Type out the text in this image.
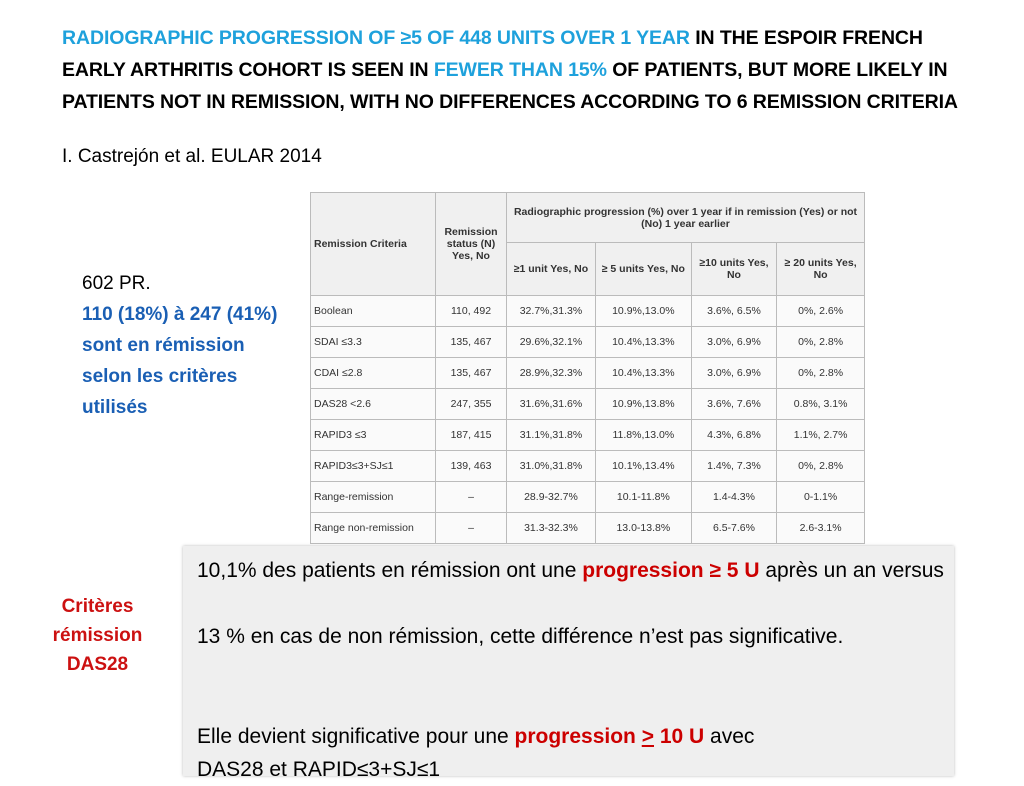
RADIOGRAPHIC PROGRESSION OF ≥5 OF 448 UNITS OVER 1 YEAR IN THE ESPOIR FRENCH EARLY ARTHRITIS COHORT IS SEEN IN FEWER THAN 15% OF PATIENTS, BUT MORE LIKELY IN PATIENTS NOT IN REMISSION, WITH NO DIFFERENCES ACCORDING TO 6 REMISSION CRITERIA
I. Castrejón et al. EULAR 2014
602 PR.
110 (18%) à 247 (41%) sont en rémission selon les critères utilisés
Critères rémission DAS28
Remission Criteria	Remission status (N) Yes, No	Radiographic progression (%) over 1 year if in remission (Yes) or not (No) 1 year earlier			
		≥1 unit Yes, No	≥ 5 units Yes, No	≥10 units Yes, No	≥ 20 units Yes, No
Boolean	110, 492	32.7%,31.3%	10.9%,13.0%	3.6%, 6.5%	0%, 2.6%
SDAI ≤3.3	135, 467	29.6%,32.1%	10.4%,13.3%	3.0%, 6.9%	0%, 2.8%
CDAI ≤2.8	135, 467	28.9%,32.3%	10.4%,13.3%	3.0%, 6.9%	0%, 2.8%
DAS28 <2.6	247, 355	31.6%,31.6%	10.9%,13.8%	3.6%, 7.6%	0.8%, 3.1%
RAPID3 ≤3	187, 415	31.1%,31.8%	11.8%,13.0%	4.3%, 6.8%	1.1%, 2.7%
RAPID3≤3+SJ≤1	139, 463	31.0%,31.8%	10.1%,13.4%	1.4%, 7.3%	0%, 2.8%
Range-remission	–	28.9-32.7%	10.1-11.8%	1.4-4.3%	0-1.1%
Range non-remission	–	31.3-32.3%	13.0-13.8%	6.5-7.6%	2.6-3.1%

10,1% des patients en rémission ont une progression ≥ 5 U après un an versus

13 % en cas de non rémission, cette différence n’est pas significative.

Elle devient significative pour une progression > 10 U avec

DAS28 et RAPID≤3+SJ≤1
